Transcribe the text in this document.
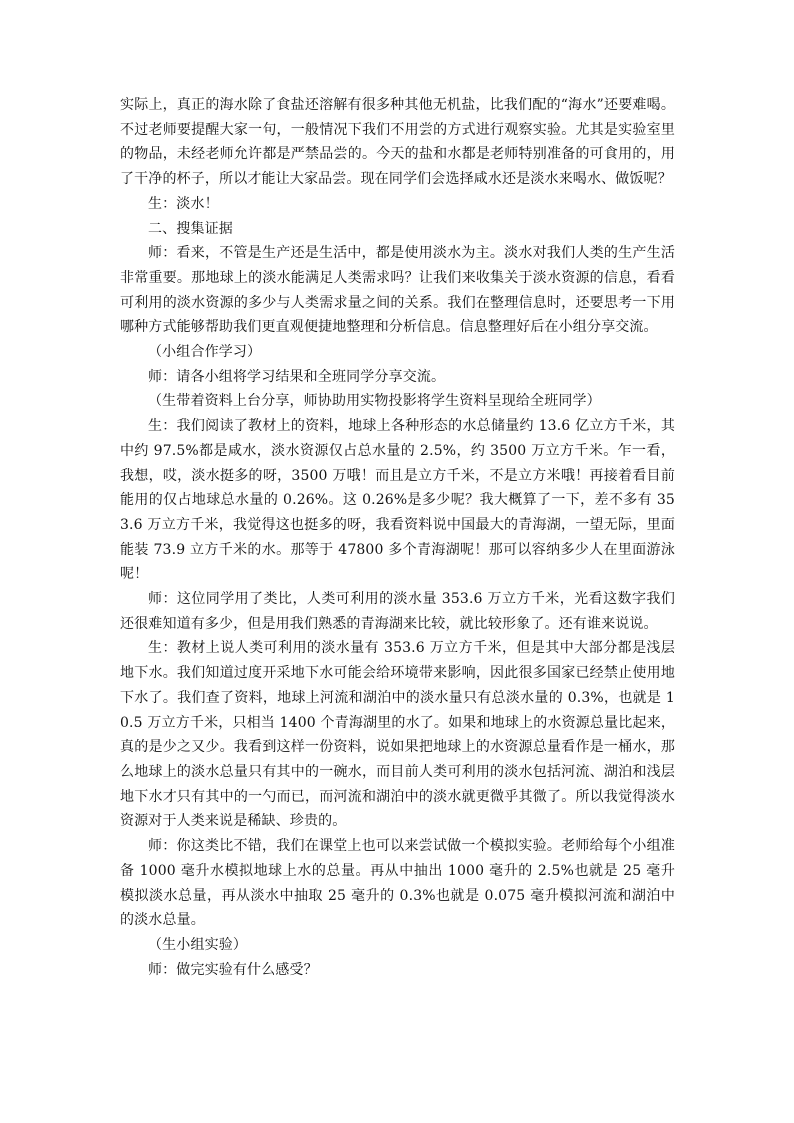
实际上，真正的海水除了食盐还溶解有很多种其他无机盐，比我们配的“海水”还要难喝。不过老师要提醒大家一句，一般情况下我们不用尝的方式进行观察实验。尤其是实验室里的物品，未经老师允许都是严禁品尝的。今天的盐和水都是老师特别准备的可食用的，用了干净的杯子，所以才能让大家品尝。现在同学们会选择咸水还是淡水来喝水、做饭呢？

生：淡水！

二、搜集证据

师：看来，不管是生产还是生活中，都是使用淡水为主。淡水对我们人类的生产生活非常重要。那地球上的淡水能满足人类需求吗？让我们来收集关于淡水资源的信息，看看可利用的淡水资源的多少与人类需求量之间的关系。我们在整理信息时，还要思考一下用哪种方式能够帮助我们更直观便捷地整理和分析信息。信息整理好后在小组分享交流。

（小组合作学习）

师：请各小组将学习结果和全班同学分享交流。

（生带着资料上台分享，师协助用实物投影将学生资料呈现给全班同学）

生：我们阅读了教材上的资料，地球上各种形态的水总储量约 13.6 亿立方千米，其中约 97.5%都是咸水，淡水资源仅占总水量的 2.5%，约 3500 万立方千米。乍一看，我想，哎，淡水挺多的呀，3500 万哦！而且是立方千米，不是立方米哦！再接着看目前能用的仅占地球总水量的 0.26%。这 0.26%是多少呢？我大概算了一下，差不多有 353.6 万立方千米，我觉得这也挺多的呀，我看资料说中国最大的青海湖，一望无际，里面能装 73.9 立方千米的水。那等于 47800 多个青海湖呢！那可以容纳多少人在里面游泳呢！

师：这位同学用了类比，人类可利用的淡水量 353.6 万立方千米，光看这数字我们还很难知道有多少，但是用我们熟悉的青海湖来比较，就比较形象了。还有谁来说说。

生：教材上说人类可利用的淡水量有 353.6 万立方千米，但是其中大部分都是浅层地下水。我们知道过度开采地下水可能会给环境带来影响，因此很多国家已经禁止使用地下水了。我们查了资料，地球上河流和湖泊中的淡水量只有总淡水量的 0.3%，也就是 10.5 万立方千米，只相当 1400 个青海湖里的水了。如果和地球上的水资源总量比起来，真的是少之又少。我看到这样一份资料，说如果把地球上的水资源总量看作是一桶水，那么地球上的淡水总量只有其中的一碗水，而目前人类可利用的淡水包括河流、湖泊和浅层地下水才只有其中的一勺而已，而河流和湖泊中的淡水就更微乎其微了。所以我觉得淡水资源对于人类来说是稀缺、珍贵的。

师：你这类比不错，我们在课堂上也可以来尝试做一个模拟实验。老师给每个小组准备 1000 毫升水模拟地球上水的总量。再从中抽出 1000 毫升的 2.5%也就是 25 毫升模拟淡水总量，再从淡水中抽取 25 毫升的 0.3%也就是 0.075 毫升模拟河流和湖泊中的淡水总量。

（生小组实验）

师：做完实验有什么感受？
